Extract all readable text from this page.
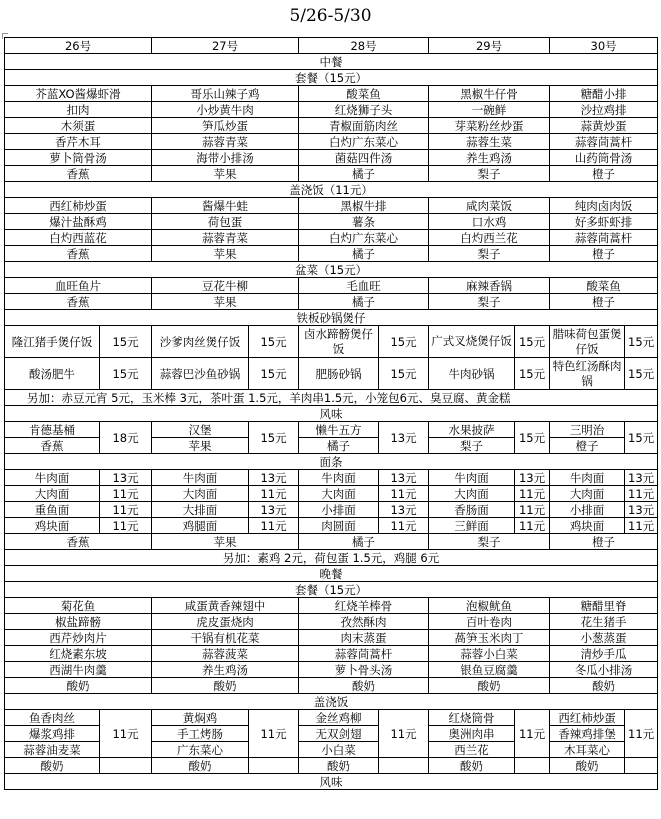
5/26-5/30
26号		27号		28号		29号		30号	
中餐									
套餐（15元）									
芥蓝XO酱爆虾滑		哥乐山辣子鸡		酸菜鱼		黑椒牛仔骨		糖醋小排	
扣肉		小炒黄牛肉		红烧狮子头		一碗鲜		沙拉鸡排	
木须蛋		笋瓜炒蛋		青椒面筋肉丝		芽菜粉丝炒蛋		蒜黄炒蛋	
香芹木耳		蒜蓉青菜		白灼广东菜心		蒜蓉生菜		蒜蓉茼蒿杆	
萝卜筒骨汤		海带小排汤		菌菇四件汤		养生鸡汤		山药筒骨汤	
香蕉		苹果		橘子		梨子		橙子	
盖浇饭（11元）									
西红柿炒蛋		酱爆牛蛙		黑椒牛排		咸肉菜饭		纯肉卤肉饭	
爆汁盐酥鸡		荷包蛋		薯条		口水鸡		好多虾虾排	
白灼西蓝花		蒜蓉青菜		白灼广东菜心		白灼西兰花		蒜蓉茼蒿杆	
香蕉		苹果		橘子		梨子		橙子	
盆菜（15元）									
血旺鱼片		豆花牛柳		毛血旺		麻辣香锅		酸菜鱼	
香蕉		苹果		橘子		梨子		橙子	
铁板砂锅煲仔									
隆江猪手煲仔饭	15元	沙爹肉丝煲仔饭	15元	卤水蹄髈煲仔饭	15元	广式叉烧煲仔饭	15元	腊味荷包蛋煲仔饭	15元
酸汤肥牛	15元	蒜蓉巴沙鱼砂锅	15元	肥肠砂锅	15元	牛肉砂锅	15元	特色红汤酥肉锅	15元
另加：赤豆元宵 5元，玉米棒 3元，茶叶蛋 1.5元，羊肉串1.5元，小笼包6元、臭豆腐、黄金糕									
风味									
肯德基桶	18元	汉堡	15元	懒牛五方	13元	水果披萨	15元	三明治	15元
香蕉		苹果		橘子		梨子		橙子	
面条									
牛肉面	13元	牛肉面	13元	牛肉面	13元	牛肉面	13元	牛肉面	13元
大肉面	11元	大肉面	11元	大肉面	11元	大肉面	11元	大肉面	11元
重鱼面	11元	大排面	13元	小排面	13元	香肠面	11元	小排面	13元
鸡块面	11元	鸡腿面	11元	肉圆面	11元	三鲜面	11元	鸡块面	11元
香蕉		苹果		橘子		梨子		橙子	
另加：素鸡 2元，荷包蛋 1.5元，鸡腿 6元									
晚餐									
套餐（15元）									
菊花鱼		咸蛋黄香辣翅中		红烧羊棒骨		泡椒鱿鱼		糖醋里脊	
椒盐蹄髈		虎皮蛋烧肉		孜然酥肉		百叶卷肉		花生猪手	
西芹炒肉片		干锅有机花菜		肉末蒸蛋		萵笋玉米肉丁		小葱蒸蛋	
红烧素东坡		蒜蓉菠菜		蒜蓉茼蒿杆		蒜蓉小白菜		清炒手瓜	
西湖牛肉羹		养生鸡汤		萝卜骨头汤		银鱼豆腐羹		冬瓜小排汤	
酸奶		酸奶		酸奶		酸奶		酸奶	
盖浇饭									
鱼香肉丝	11元	黄焖鸡	11元	金丝鸡柳	11元	红烧筒骨	11元	西红柿炒蛋	11元
爆浆鸡排		手工烤肠		无双剑翅		奥洲肉串		香辣鸡排堡	
蒜蓉油麦菜		广东菜心		小白菜		西兰花		木耳菜心	
酸奶		酸奶		酸奶		酸奶		酸奶	
风味									
